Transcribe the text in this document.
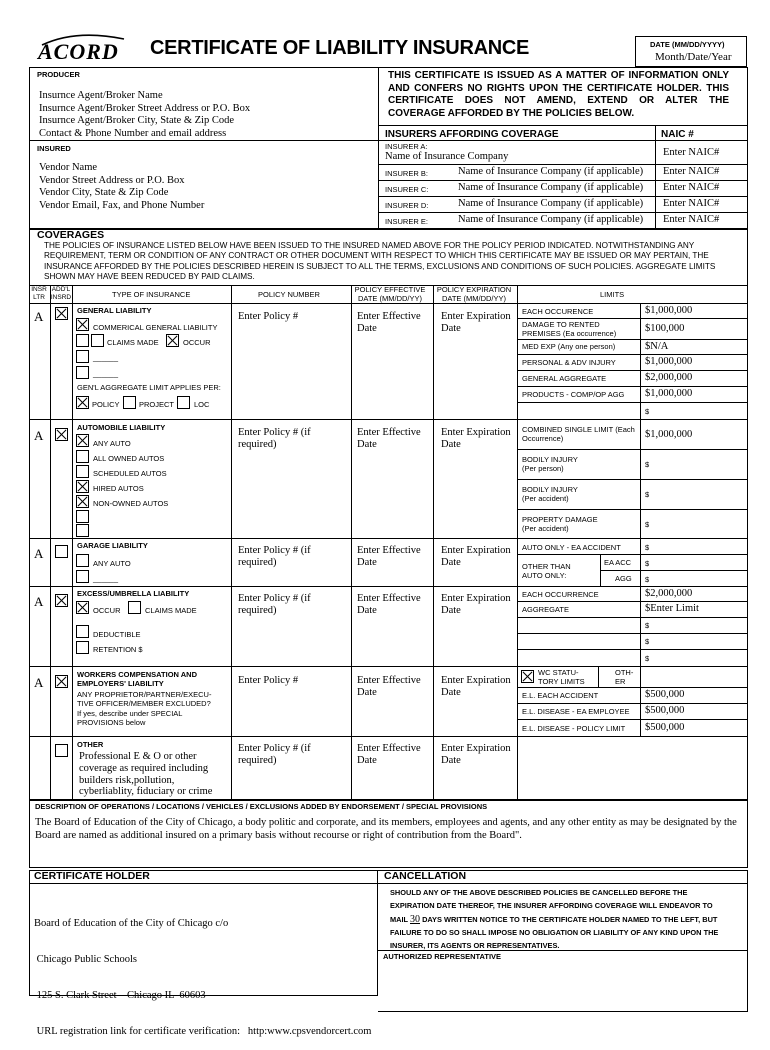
ACORD CERTIFICATE OF LIABILITY INSURANCE	DATE (MM/DD/YYYY)
Month/Date/Year
PRODUCER
Insurnce Agent/Broker Name
Insurnce Agent/Broker Street Address or P.O. Box
Insurnce Agent/Broker City, State & Zip Code
Contact & Phone Number and email address
THIS CERTIFICATE IS ISSUED AS A MATTER OF INFORMATION ONLY AND CONFERS NO RIGHTS UPON THE CERTIFICATE HOLDER. THIS CERTIFICATE DOES NOT AMEND, EXTEND OR ALTER THE COVERAGE AFFORDED BY THE POLICIES BELOW.
INSURED
Vendor Name
Vendor Street Address or P.O. Box
Vendor City, State & Zip Code
Vendor Email, Fax, and Phone Number
INSURERS AFFORDING COVERAGE	NAIC #
INSURER A:
Name of Insurance Company	Enter NAIC#
INSURER B:	Name of Insurance Company (if applicable) Enter NAIC#
INSURER C:	Name of Insurance Company (if applicable) Enter NAIC#
INSURER D:	Name of Insurance Company (if applicable) Enter NAIC#
INSURER E:	Name of Insurance Company (if applicable) Enter NAIC#
COVERAGES
THE POLICIES OF INSURANCE LISTED BELOW HAVE BEEN ISSUED TO THE INSURED NAMED ABOVE FOR THE POLICY PERIOD INDICATED. NOTWITHSTANDING ANY REQUIREMENT, TERM OR CONDITION OF ANY CONTRACT OR OTHER DOCUMENT WITH RESPECT TO WHICH THIS CERTIFICATE MAY BE ISSUED OR MAY PERTAIN, THE INSURANCE AFFORDED BY THE POLICIES DESCRIBED HEREIN IS SUBJECT TO ALL THE TERMS, EXCLUSIONS AND CONDITIONS OF SUCH POLICIES. AGGREGATE LIMITS SHOWN MAY HAVE BEEN REDUCED BY PAID CLAIMS.
INSR LTR
ADD'L INSRD	TYPE OF INSURANCE	POLICY NUMBER
POLICY EFFECTIVE DATE (MM/DD/YY)
POLICY EXPIRATION DATE (MM/DD/YY)	LIMITS
A	GENERAL LIABILITY
COMMERICAL GENERAL LIABILITY
CLAIMS MADE	OCCUR
______
______
GEN'L AGGREGATE LIMIT APPLIES PER:
POLICY	PROJECT	LOC
Enter Policy #	Enter Effective Date
Enter Expiration Date
EACH OCCURENCE	$1,000,000
DAMAGE TO RENTED PREMISES (Ea occurrence)	$100,000
MED EXP (Any one person)	$N/A
PERSONAL & ADV INJURY	$1,000,000
GENERAL AGGREGATE	$2,000,000
PRODUCTS - COMP/OP AGG $1,000,000
$
A
AUTOMOBILE LIABILITY
ANY AUTO
ALL OWNED AUTOS
SCHEDULED AUTOS
HIRED AUTOS
NON-OWNED AUTOS
Enter Policy # (if required)
Enter Effective Date
Enter Expiration Date
COMBINED SINGLE LIMIT (Each Occurrence)	$1,000,000
BODILY INJURY (Per person)	$
BODILY INJURY (Per accident)	$
PROPERTY DAMAGE (Per accident)	$
A
GARAGE LIABILITY
ANY AUTO
______
Enter Policy # (if required)
Enter Effective Date
Enter Expiration Date
AUTO ONLY - EA ACCIDENT	$
OTHER THAN AUTO ONLY:
EA ACC $
AGG $
A
EXCESS/UMBRELLA LIABILITY
OCCUR	CLAIMS MADE
DEDUCTIBLE
RETENTION $
Enter Policy # (if required)
Enter Effective Date
Enter Expiration Date
EACH OCCURRENCE	$2,000,000
AGGREGATE	$Enter Limit
$
$
$
A
WORKERS COMPENSATION AND EMPLOYERS' LIABILITY
ANY PROPRIETOR/PARTNER/EXECU-TIVE OFFICER/MEMBER EXCLUDED?
If yes, describe under SPECIAL PROVISIONS below
Enter Policy #	Enter Effective Date
Enter Expiration Date
WC STATU-TORY LIMITS
OTH-ER
E.L. EACH ACCIDENT	$500,000
E.L. DISEASE - EA EMPLOYEE $500,000
E.L. DISEASE - POLICY LIMIT $500,000
OTHER
Professional E & O or other coverage as required including builders risk,pollution, cyberliablity, fiduciary or crime
Enter Policy # (if required)
Enter Effective Date
Enter Expiration Date
DESCRIPTION OF OPERATIONS / LOCATIONS / VEHICLES / EXCLUSIONS ADDED BY ENDORSEMENT / SPECIAL PROVISIONS
The Board of Education of the City of Chicago, a body politic and corporate, and its members, employees and agents, and any other entity as may be designated by the Board are named as additional insured on a primary basis without recourse or right of contribution from the Board".
CERTIFICATE HOLDER

Board of Education of the City of Chicago c/o

Chicago Public Schools

125 S. Clark Street – Chicago IL  60603

URL registration link for certificate verification:   http:www.cpsvendorcert.com

CANCELLATION
SHOULD ANY OF THE ABOVE DESCRIBED POLICIES BE CANCELLED BEFORE THE
EXPIRATION DATE THEREOF, THE INSURER AFFORDING COVERAGE WILL ENDEAVOR TO
MAIL 30 DAYS WRITTEN NOTICE TO THE CERTIFICATE HOLDER NAMED TO THE LEFT, BUT
FAILURE TO DO SO SHALL IMPOSE NO OBLIGATION OR LIABILITY OF ANY KIND UPON THE
INSURER, ITS AGENTS OR REPRESENTATIVES.
AUTHORIZED REPRESENTATIVE
